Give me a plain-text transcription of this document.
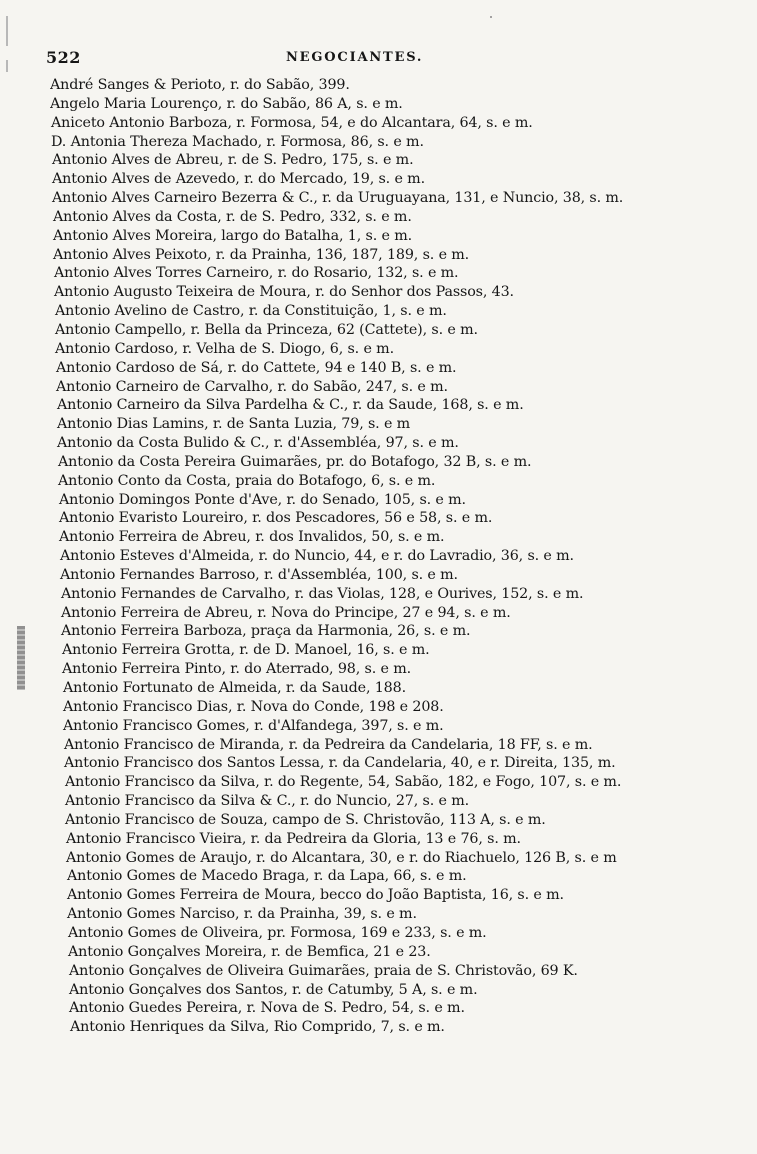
522	NEGOCIANTES.
André Sanges & Perioto, r. do Sabão, 399.
Angelo Maria Lourenço, r. do Sabão, 86 A, s. e m.
Aniceto Antonio Barboza, r. Formosa, 54, e do Alcantara, 64, s. e m.
D. Antonia Thereza Machado, r. Formosa, 86, s. e m.
Antonio Alves de Abreu, r. de S. Pedro, 175, s. e m.
Antonio Alves de Azevedo, r. do Mercado, 19, s. e m.
Antonio Alves Carneiro Bezerra & C., r. da Uruguayana, 131, e Nuncio, 38, s. m.
Antonio Alves da Costa, r. de S. Pedro, 332, s. e m.
Antonio Alves Moreira, largo do Batalha, 1, s. e m.
Antonio Alves Peixoto, r. da Prainha, 136, 187, 189, s. e m.
Antonio Alves Torres Carneiro, r. do Rosario, 132, s. e m.
Antonio Augusto Teixeira de Moura, r. do Senhor dos Passos, 43.
Antonio Avelino de Castro, r. da Constituição, 1, s. e m.
Antonio Campello, r. Bella da Princeza, 62 (Cattete), s. e m.
Antonio Cardoso, r. Velha de S. Diogo, 6, s. e m.
Antonio Cardoso de Sá, r. do Cattete, 94 e 140 B, s. e m.
Antonio Carneiro de Carvalho, r. do Sabão, 247, s. e m.
Antonio Carneiro da Silva Pardelha & C., r. da Saude, 168, s. e m.
Antonio Dias Lamins, r. de Santa Luzia, 79, s. e m
Antonio da Costa Bulido & C., r. d'Assembléa, 97, s. e m.
Antonio da Costa Pereira Guimarães, pr. do Botafogo, 32 B, s. e m.
Antonio Conto da Costa, praia do Botafogo, 6, s. e m.
Antonio Domingos Ponte d'Ave, r. do Senado, 105, s. e m.
Antonio Evaristo Loureiro, r. dos Pescadores, 56 e 58, s. e m.
Antonio Ferreira de Abreu, r. dos Invalidos, 50, s. e m.
Antonio Esteves d'Almeida, r. do Nuncio, 44, e r. do Lavradio, 36, s. e m.
Antonio Fernandes Barroso, r. d'Assembléa, 100, s. e m.
Antonio Fernandes de Carvalho, r. das Violas, 128, e Ourives, 152, s. e m.
Antonio Ferreira de Abreu, r. Nova do Principe, 27 e 94, s. e m.
Antonio Ferreira Barboza, praça da Harmonia, 26, s. e m.
Antonio Ferreira Grotta, r. de D. Manoel, 16, s. e m.
Antonio Ferreira Pinto, r. do Aterrado, 98, s. e m.
Antonio Fortunato de Almeida, r. da Saude, 188.
Antonio Francisco Dias, r. Nova do Conde, 198 e 208.
Antonio Francisco Gomes, r. d'Alfandega, 397, s. e m.
Antonio Francisco de Miranda, r. da Pedreira da Candelaria, 18 FF, s. e m.
Antonio Francisco dos Santos Lessa, r. da Candelaria, 40, e r. Direita, 135, m.
Antonio Francisco da Silva, r. do Regente, 54, Sabão, 182, e Fogo, 107, s. e m.
Antonio Francisco da Silva & C., r. do Nuncio, 27, s. e m.
Antonio Francisco de Souza, campo de S. Christovão, 113 A, s. e m.
Antonio Francisco Vieira, r. da Pedreira da Gloria, 13 e 76, s. m.
Antonio Gomes de Araujo, r. do Alcantara, 30, e r. do Riachuelo, 126 B, s. e m
Antonio Gomes de Macedo Braga, r. da Lapa, 66, s. e m.
Antonio Gomes Ferreira de Moura, becco do João Baptista, 16, s. e m.
Antonio Gomes Narciso, r. da Prainha, 39, s. e m.
Antonio Gomes de Oliveira, pr. Formosa, 169 e 233, s. e m.
Antonio Gonçalves Moreira, r. de Bemfica, 21 e 23.
Antonio Gonçalves de Oliveira Guimarães, praia de S. Christovão, 69 K.
Antonio Gonçalves dos Santos, r. de Catumby, 5 A, s. e m.
Antonio Guedes Pereira, r. Nova de S. Pedro, 54, s. e m.
Antonio Henriques da Silva, Rio Comprido, 7, s. e m.
